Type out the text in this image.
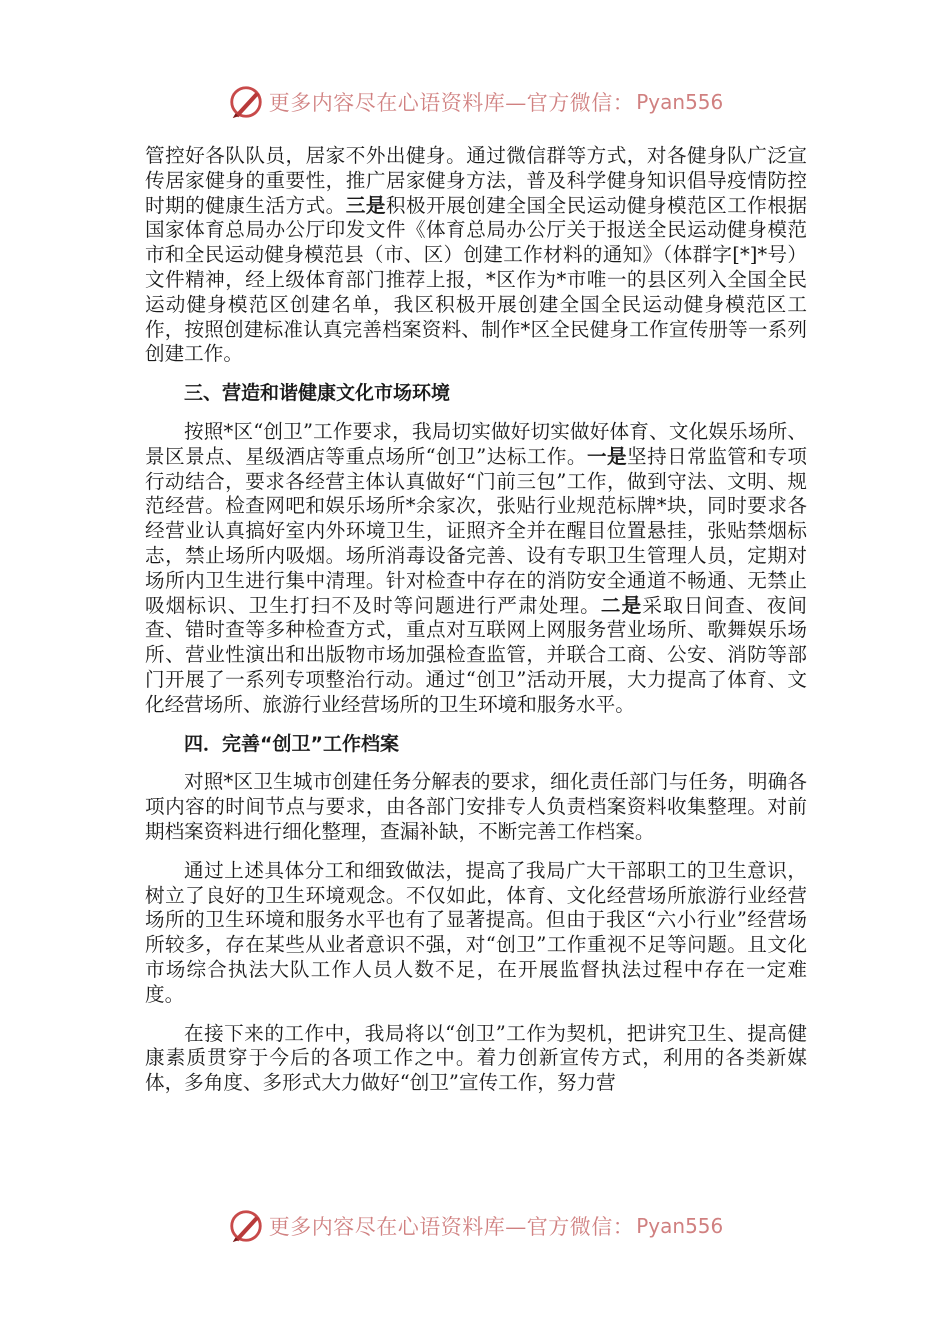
更多内容尽在心语资料库—官方微信： Pyan556

管控好各队队员，居家不外出健身。通过微信群等方式，对各健身队广泛宣传居家健身的重要性，推广居家健身方法，普及科学健身知识倡导疫情防控时期的健康生活方式。三是积极开展创建全国全民运动健身模范区工作根据国家体育总局办公厅印发文件《体育总局办公厅关于报送全民运动健身模范市和全民运动健身模范县（市、区）创建工作材料的通知》（体群字[*]*号）文件精神，经上级体育部门推荐上报，*区作为*市唯一的县区列入全国全民运动健身模范区创建名单，我区积极开展创建全国全民运动健身模范区工作，按照创建标准认真完善档案资料、制作*区全民健身工作宣传册等一系列创建工作。

三、营造和谐健康文化市场环境

按照*区“创卫”工作要求，我局切实做好切实做好体育、文化娱乐场所、景区景点、星级酒店等重点场所“创卫”达标工作。一是坚持日常监管和专项行动结合，要求各经营主体认真做好“门前三包”工作，做到守法、文明、规范经营。检查网吧和娱乐场所*余家次，张贴行业规范标牌*块，同时要求各经营业认真搞好室内外环境卫生，证照齐全并在醒目位置悬挂，张贴禁烟标志，禁止场所内吸烟。场所消毒设备完善、设有专职卫生管理人员，定期对场所内卫生进行集中清理。针对检查中存在的消防安全通道不畅通、无禁止吸烟标识、卫生打扫不及时等问题进行严肃处理。二是采取日间查、夜间查、错时查等多种检查方式，重点对互联网上网服务营业场所、歌舞娱乐场所、营业性演出和出版物市场加强检查监管，并联合工商、公安、消防等部门开展了一系列专项整治行动。通过“创卫”活动开展，大力提高了体育、文化经营场所、旅游行业经营场所的卫生环境和服务水平。

四．完善“创卫”工作档案

对照*区卫生城市创建任务分解表的要求，细化责任部门与任务，明确各项内容的时间节点与要求，由各部门安排专人负责档案资料收集整理。对前期档案资料进行细化整理，查漏补缺，不断完善工作档案。

通过上述具体分工和细致做法，提高了我局广大干部职工的卫生意识，树立了良好的卫生环境观念。不仅如此，体育、文化经营场所旅游行业经营场所的卫生环境和服务水平也有了显著提高。但由于我区“六小行业”经营场所较多，存在某些从业者意识不强，对“创卫”工作重视不足等问题。且文化市场综合执法大队工作人员人数不足，在开展监督执法过程中存在一定难度。

在接下来的工作中，我局将以“创卫”工作为契机，把讲究卫生、提高健康素质贯穿于今后的各项工作之中。着力创新宣传方式，利用的各类新媒体，多角度、多形式大力做好“创卫”宣传工作，努力营

更多内容尽在心语资料库—官方微信： Pyan556
